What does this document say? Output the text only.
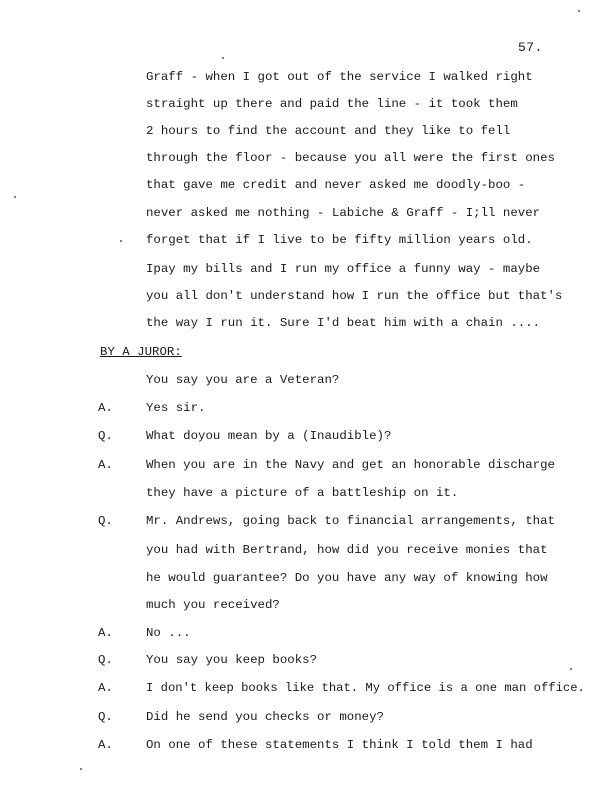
57.
Graff - when I got out of the service I walked right
straight up there and paid the line - it took them
2 hours to find the account and they like to fell
through the floor - because you all were the first ones
that gave me credit and never asked me doodly-boo -
never asked me nothing - Labiche & Graff - I;ll never
forget that if I live to be fifty million years old.
Ipay my bills and I run my office a funny way - maybe
you all don't understand how I run the office but that's
the way I run it. Sure I'd beat him with a chain ....
BY A JUROR:
You say you are a Veteran?
A.	Yes sir.
Q.	What doyou mean by a (Inaudible)?
A.	When you are in the Navy and get an honorable discharge
they have a picture of a battleship on it.
Q.	Mr. Andrews, going back to financial arrangements, that
you had with Bertrand, how did you receive monies that
he would guarantee? Do you have any way of knowing how
much you received?
A.	No ...
Q.	You say you keep books?
A.	I don't keep books like that. My office is a one man office.
Q.	Did he send you checks or money?
A.	On one of these statements I think I told them I had
